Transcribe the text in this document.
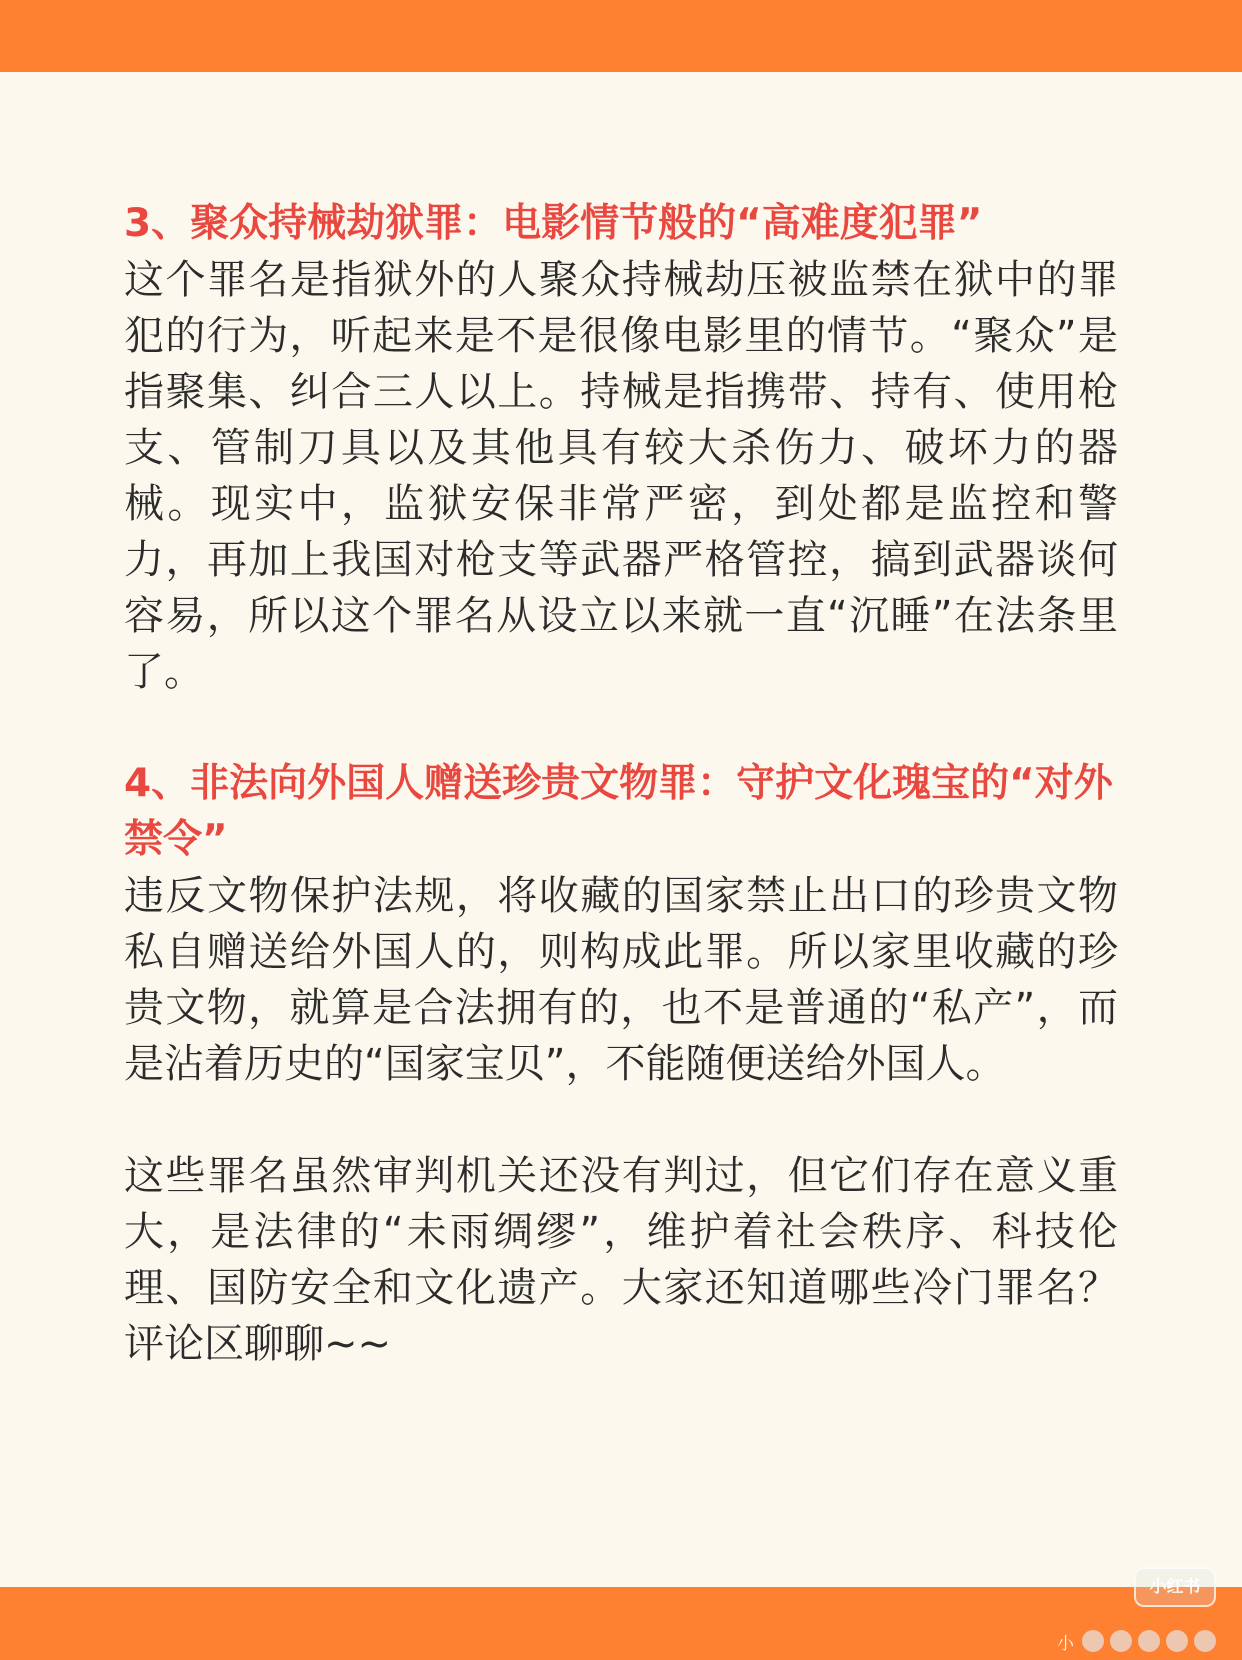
3、聚众持械劫狱罪：电影情节般的“高难度犯罪”

这个罪名是指狱外的人聚众持械劫压被监禁在狱中的罪犯的行为，听起来是不是很像电影里的情节。“聚众”是指聚集、纠合三人以上。持械是指携带、持有、使用枪支、管制刀具以及其他具有较大杀伤力、破坏力的器械。现实中，监狱安保非常严密，到处都是监控和警力，再加上我国对枪支等武器严格管控，搞到武器谈何容易，所以这个罪名从设立以来就一直“沉睡”在法条里了。

4、非法向外国人赠送珍贵文物罪：守护文化瑰宝的“对外禁令”

违反文物保护法规，将收藏的国家禁止出口的珍贵文物私自赠送给外国人的，则构成此罪。所以家里收藏的珍贵文物，就算是合法拥有的，也不是普通的“私产”，而是沾着历史的“国家宝贝”，不能随便送给外国人。

这些罪名虽然审判机关还没有判过，但它们存在意义重大，是法律的“未雨绸缪”，维护着社会秩序、科技伦理、国防安全和文化遗产。大家还知道哪些冷门罪名？评论区聊聊~~

小红书
小
